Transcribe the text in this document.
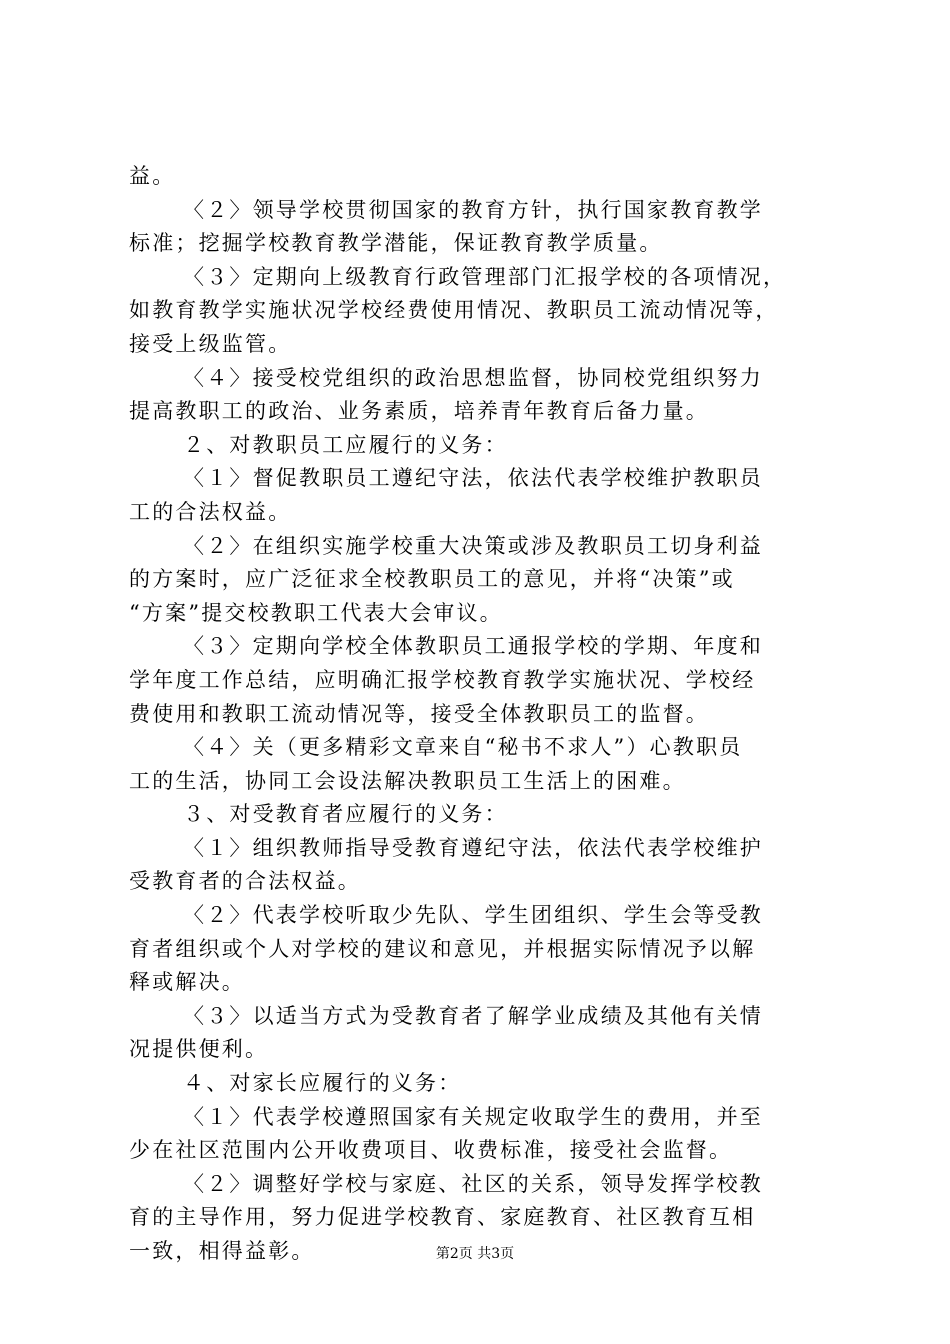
益。
〈２〉领导学校贯彻国家的教育方针，执行国家教育教学
标准；挖掘学校教育教学潜能，保证教育教学质量。
〈３〉定期向上级教育行政管理部门汇报学校的各项情况，
如教育教学实施状况学校经费使用情况、教职员工流动情况等，
接受上级监管。
〈４〉接受校党组织的政治思想监督，协同校党组织努力
提高教职工的政治、业务素质，培养青年教育后备力量。
２、对教职员工应履行的义务：
〈１〉督促教职员工遵纪守法，依法代表学校维护教职员
工的合法权益。
〈２〉在组织实施学校重大决策或涉及教职员工切身利益
的方案时，应广泛征求全校教职员工的意见，并将“决策”或
“方案”提交校教职工代表大会审议。
〈３〉定期向学校全体教职员工通报学校的学期、年度和
学年度工作总结，应明确汇报学校教育教学实施状况、学校经
费使用和教职工流动情况等，接受全体教职员工的监督。
〈４〉关（更多精彩文章来自“秘书不求人”）心教职员
工的生活，协同工会设法解决教职员工生活上的困难。
３、对受教育者应履行的义务：
〈１〉组织教师指导受教育遵纪守法，依法代表学校维护
受教育者的合法权益。
〈２〉代表学校听取少先队、学生团组织、学生会等受教
育者组织或个人对学校的建议和意见，并根据实际情况予以解
释或解决。
〈３〉以适当方式为受教育者了解学业成绩及其他有关情
况提供便利。
４、对家长应履行的义务：
〈１〉代表学校遵照国家有关规定收取学生的费用，并至
少在社区范围内公开收费项目、收费标准，接受社会监督。
〈２〉调整好学校与家庭、社区的关系，领导发挥学校教
育的主导作用，努力促进学校教育、家庭教育、社区教育互相
一致，相得益彰。	第2页 共3页
